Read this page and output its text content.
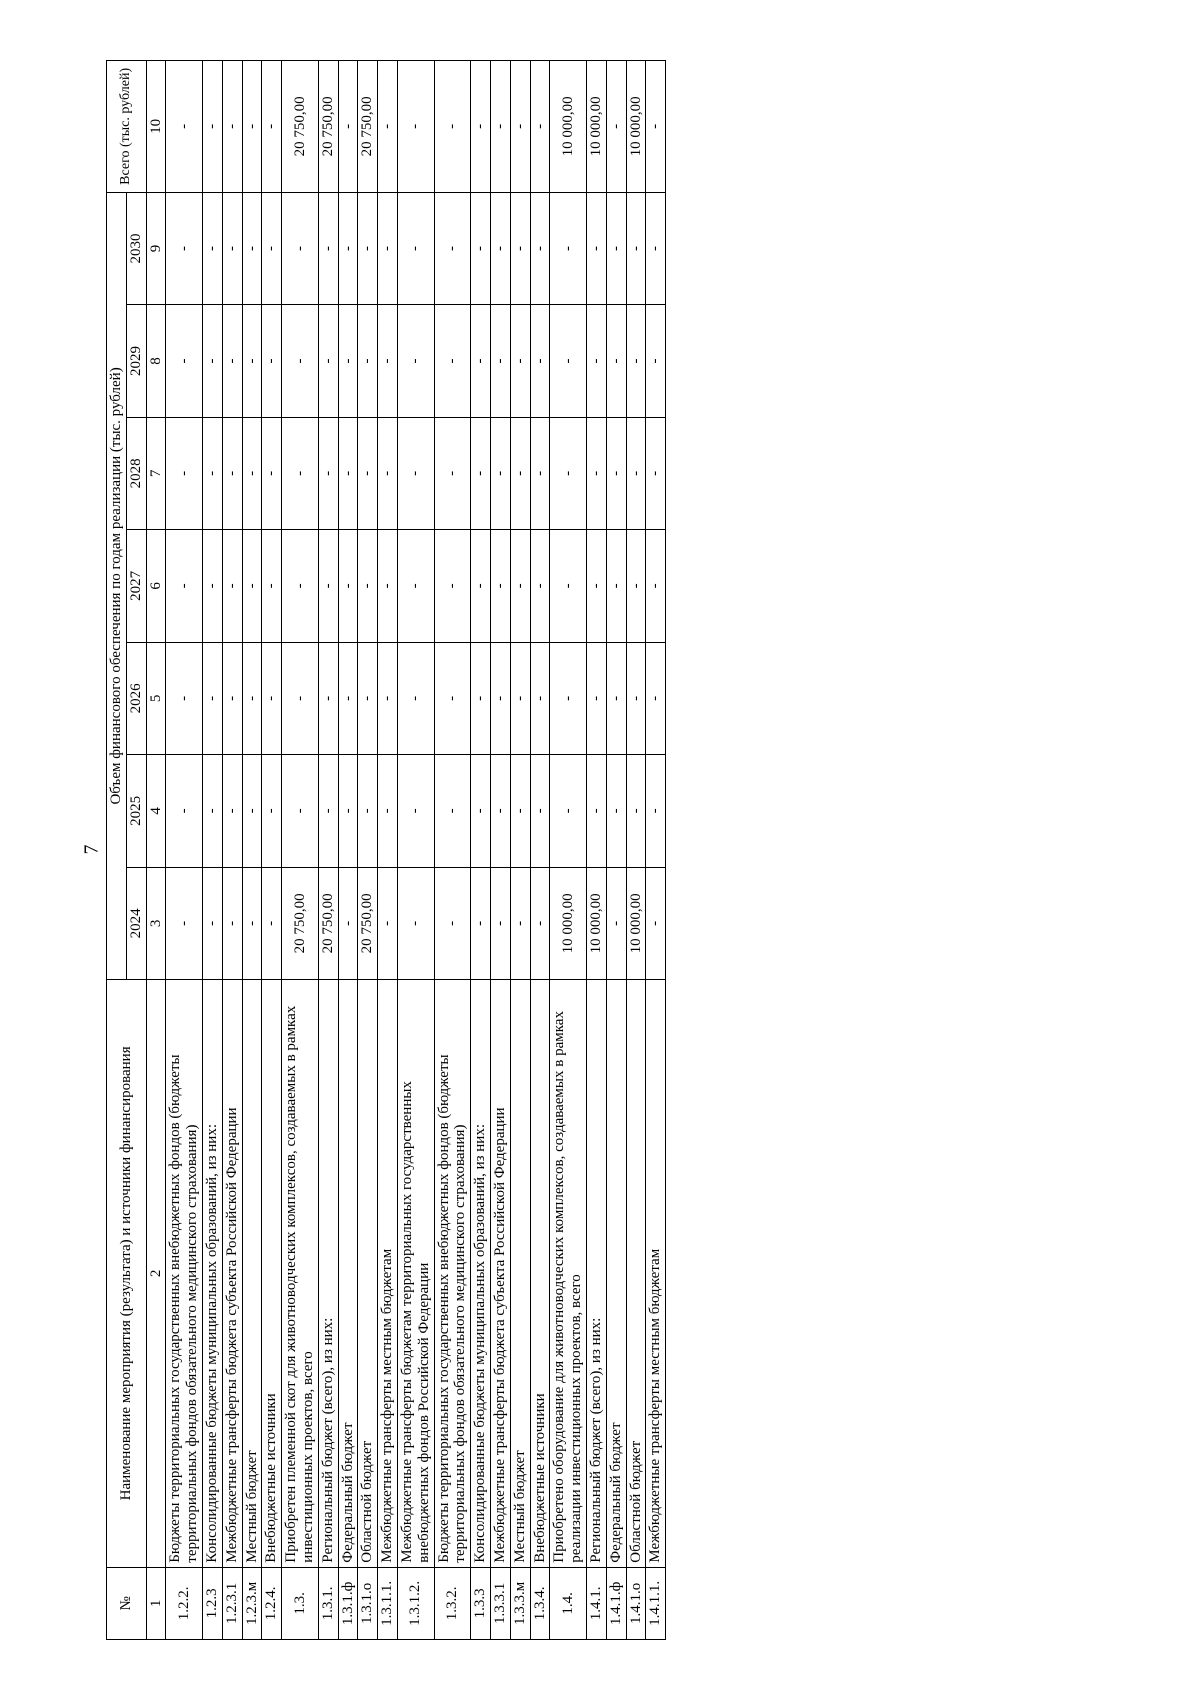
7
№	Наименование мероприятия (результата) и источники финансирования	Объем финансового обеспечения по годам реализации (тыс. рублей)							Всего (тыс. рублей)
		2024	2025	2026	2027	2028	2029	2030	
1	2	3	4	5	6	7	8	9	10
1.2.2.	Бюджеты территориальных государственных внебюджетных фондов (бюджеты территориальных фондов обязательного медицинского страхования)	-	-	-	-	-	-	-	-
1.2.3	Консолидированные бюджеты муниципальных образований, из них:	-	-	-	-	-	-	-	-
1.2.3.1	Межбюджетные трансферты бюджета субъекта Российской Федерации	-	-	-	-	-	-	-	-
1.2.3.м	Местный бюджет	-	-	-	-	-	-	-	-
1.2.4.	Внебюджетные источники	-	-	-	-	-	-	-	-
1.3.	Приобретен племенной скот для животноводческих комплексов, создаваемых в рамках инвестиционных проектов, всего	20 750,00	-	-	-	-	-	-	20 750,00
1.3.1.	Региональный бюджет (всего), из них:	20 750,00	-	-	-	-	-	-	20 750,00
1.3.1.ф	Федеральный бюджет	-	-	-	-	-	-	-	-
1.3.1.о	Областной бюджет	20 750,00	-	-	-	-	-	-	20 750,00
1.3.1.1.	Межбюджетные трансферты местным бюджетам	-	-	-	-	-	-	-	-
1.3.1.2.	Межбюджетные трансферты бюджетам территориальных государственных внебюджетных фондов Российской Федерации	-	-	-	-	-	-	-	-
1.3.2.	Бюджеты территориальных государственных внебюджетных фондов (бюджеты территориальных фондов обязательного медицинского страхования)	-	-	-	-	-	-	-	-
1.3.3	Консолидированные бюджеты муниципальных образований, из них:	-	-	-	-	-	-	-	-
1.3.3.1	Межбюджетные трансферты бюджета субъекта Российской Федерации	-	-	-	-	-	-	-	-
1.3.3.м	Местный бюджет	-	-	-	-	-	-	-	-
1.3.4.	Внебюджетные источники	-	-	-	-	-	-	-	-
1.4.	Приобретено оборудование для животноводческих комплексов, создаваемых в рамках реализации инвестиционных проектов, всего	10 000,00	-	-	-	-	-	-	10 000,00
1.4.1.	Региональный бюджет (всего), из них:	10 000,00	-	-	-	-	-	-	10 000,00
1.4.1.ф	Федеральный бюджет	-	-	-	-	-	-	-	-
1.4.1.о	Областной бюджет	10 000,00	-	-	-	-	-	-	10 000,00
1.4.1.1.	Межбюджетные трансферты местным бюджетам	-	-	-	-	-	-	-	-
